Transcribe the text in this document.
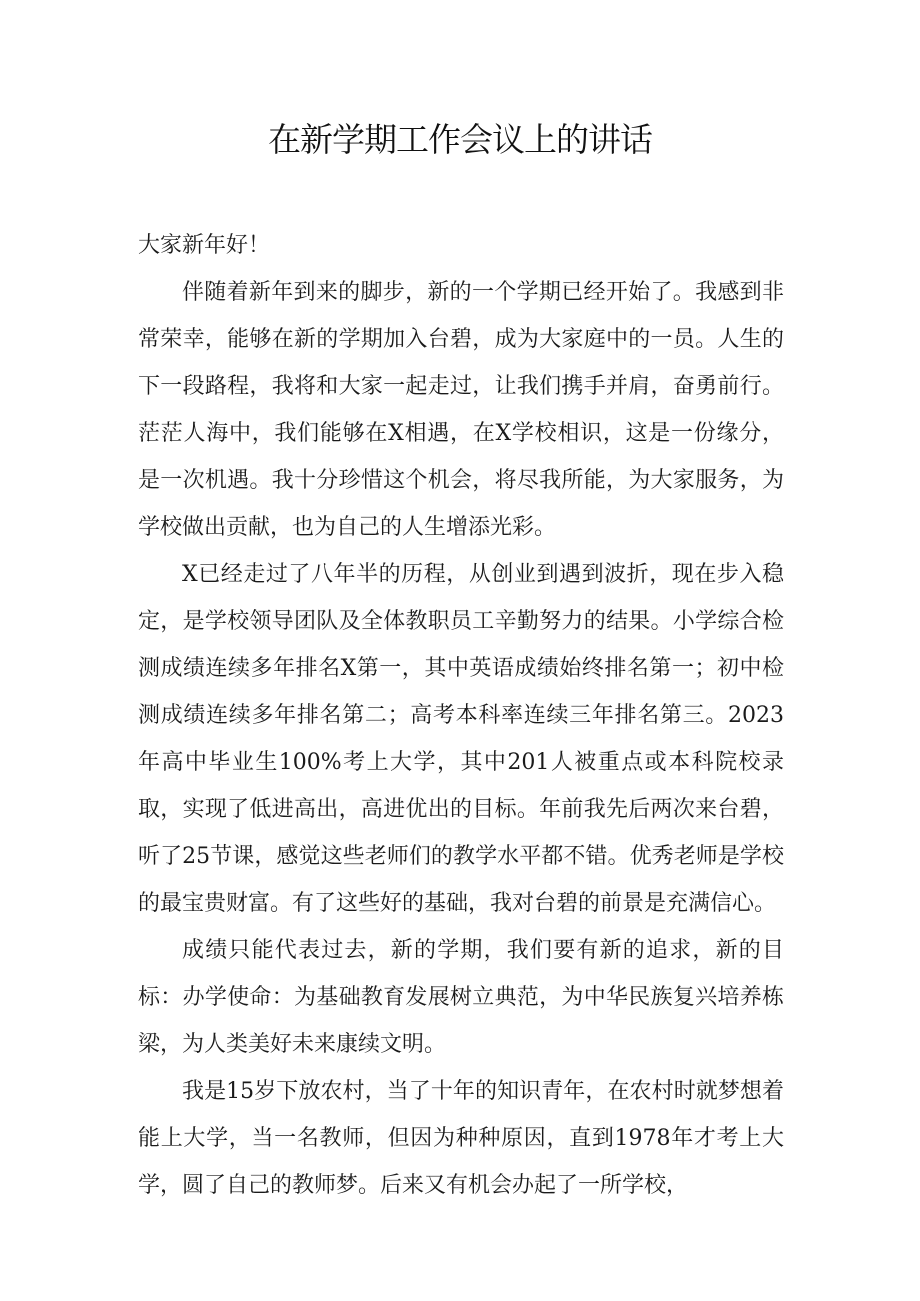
在新学期工作会议上的讲话

大家新年好！

伴随着新年到来的脚步，新的一个学期已经开始了。我感到非常荣幸，能够在新的学期加入台碧，成为大家庭中的一员。人生的下一段路程，我将和大家一起走过，让我们携手并肩，奋勇前行。茫茫人海中，我们能够在X相遇，在X学校相识，这是一份缘分，是一次机遇。我十分珍惜这个机会，将尽我所能，为大家服务，为学校做出贡献，也为自己的人生增添光彩。

X已经走过了八年半的历程，从创业到遇到波折，现在步入稳定，是学校领导团队及全体教职员工辛勤努力的结果。小学综合检测成绩连续多年排名X第一，其中英语成绩始终排名第一；初中检测成绩连续多年排名第二；高考本科率连续三年排名第三。2023年高中毕业生100%考上大学，其中201人被重点或本科院校录取，实现了低进高出，高进优出的目标。年前我先后两次来台碧，听了25节课，感觉这些老师们的教学水平都不错。优秀老师是学校的最宝贵财富。有了这些好的基础，我对台碧的前景是充满信心。

成绩只能代表过去，新的学期，我们要有新的追求，新的目标：办学使命：为基础教育发展树立典范，为中华民族复兴培养栋梁，为人类美好未来康续文明。

我是15岁下放农村，当了十年的知识青年，在农村时就梦想着能上大学，当一名教师，但因为种种原因，直到1978年才考上大学，圆了自己的教师梦。后来又有机会办起了一所学校，
